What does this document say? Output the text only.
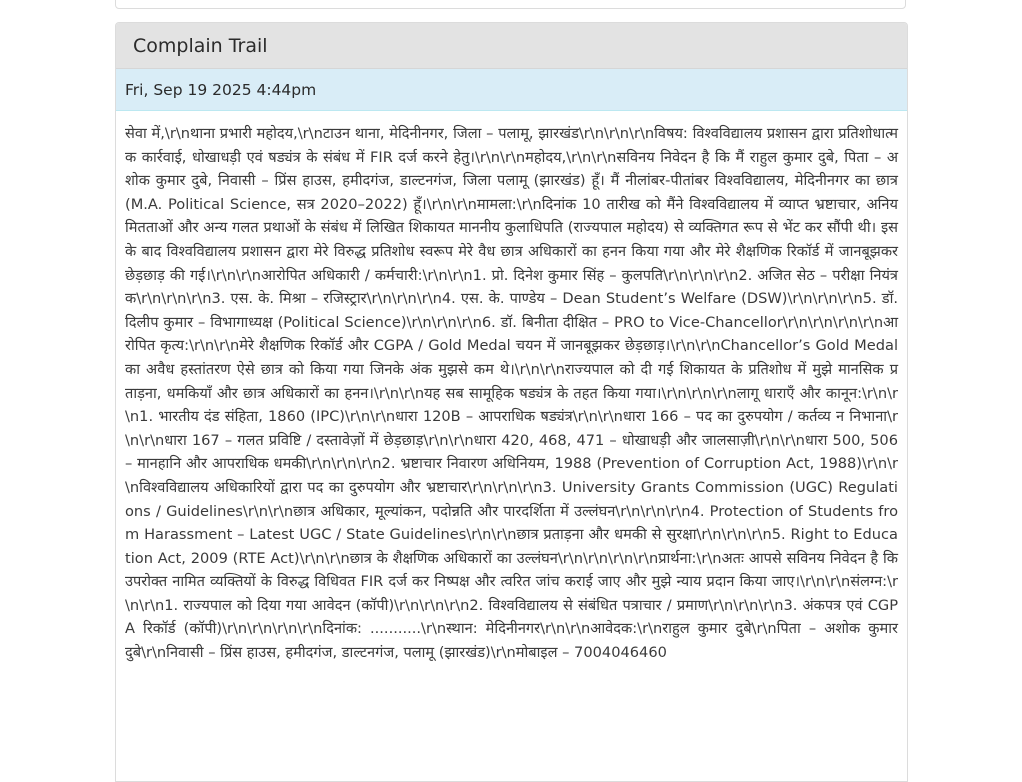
Complain Trail
Fri, Sep 19 2025 4:44pm
सेवा में,\r\nथाना प्रभारी महोदय,\r\nटाउन थाना, मेदिनीनगर, जिला – पलामू, झारखंड\r\n\r\n\r\nविषय: विश्वविद्यालय प्रशासन द्वारा प्रतिशोधात्मक कार्रवाई, धोखाधड़ी एवं षड्यंत्र के संबंध में FIR दर्ज करने हेतु।\r\n\r\nमहोदय,\r\n\r\nसविनय निवेदन है कि मैं राहुल कुमार दुबे, पिता – अशोक कुमार दुबे, निवासी – प्रिंस हाउस, हमीदगंज, डाल्टनगंज, जिला पलामू (झारखंड) हूँ। मैं नीलांबर-पीतांबर विश्वविद्यालय, मेदिनीनगर का छात्र (M.A. Political Science, सत्र 2020–2022) हूँ।\r\n\r\nमामला:\r\nदिनांक 10 तारीख को मैंने विश्वविद्यालय में व्याप्त भ्रष्टाचार, अनियमितताओं और अन्य गलत प्रथाओं के संबंध में लिखित शिकायत माननीय कुलाधिपति (राज्यपाल महोदय) से व्यक्तिगत रूप से भेंट कर सौंपी थी। इसके बाद विश्वविद्यालय प्रशासन द्वारा मेरे विरुद्ध प्रतिशोध स्वरूप मेरे वैध छात्र अधिकारों का हनन किया गया और मेरे शैक्षणिक रिकॉर्ड में जानबूझकर छेड़छाड़ की गई।\r\n\r\nआरोपित अधिकारी / कर्मचारी:\r\n\r\n1. प्रो. दिनेश कुमार सिंह – कुलपति\r\n\r\n\r\n2. अजित सेठ – परीक्षा नियंत्रक\r\n\r\n\r\n3. एस. के. मिश्रा – रजिस्ट्रार\r\n\r\n\r\n4. एस. के. पाण्डेय – Dean Student’s Welfare (DSW)\r\n\r\n\r\n5. डॉ. दिलीप कुमार – विभागाध्यक्ष (Political Science)\r\n\r\n\r\n6. डॉ. बिनीता दीक्षित – PRO to Vice-Chancellor\r\n\r\n\r\n\r\nआरोपित कृत्य:\r\n\r\nमेरे शैक्षणिक रिकॉर्ड और CGPA / Gold Medal चयन में जानबूझकर छेड़छाड़।\r\n\r\nChancellor’s Gold Medal का अवैध हस्तांतरण ऐसे छात्र को किया गया जिनके अंक मुझसे कम थे।\r\n\r\nराज्यपाल को दी गई शिकायत के प्रतिशोध में मुझे मानसिक प्रताड़ना, धमकियाँ और छात्र अधिकारों का हनन।\r\n\r\nयह सब सामूहिक षड्यंत्र के तहत किया गया।\r\n\r\n\r\nलागू धाराएँ और कानून:\r\n\r\n1. भारतीय दंड संहिता, 1860 (IPC)\r\n\r\nधारा 120B – आपराधिक षड्यंत्र\r\n\r\nधारा 166 – पद का दुरुपयोग / कर्तव्य न निभाना\r\n\r\nधारा 167 – गलत प्रविष्टि / दस्तावेज़ों में छेड़छाड़\r\n\r\nधारा 420, 468, 471 – धोखाधड़ी और जालसाज़ी\r\n\r\nधारा 500, 506 – मानहानि और आपराधिक धमकी\r\n\r\n\r\n2. भ्रष्टाचार निवारण अधिनियम, 1988 (Prevention of Corruption Act, 1988)\r\n\r\nविश्वविद्यालय अधिकारियों द्वारा पद का दुरुपयोग और भ्रष्टाचार\r\n\r\n\r\n3. University Grants Commission (UGC) Regulations / Guidelines\r\n\r\nछात्र अधिकार, मूल्यांकन, पदोन्नति और पारदर्शिता में उल्लंघन\r\n\r\n\r\n4. Protection of Students from Harassment – Latest UGC / State Guidelines\r\n\r\nछात्र प्रताड़ना और धमकी से सुरक्षा\r\n\r\n\r\n5. Right to Education Act, 2009 (RTE Act)\r\n\r\nछात्र के शैक्षणिक अधिकारों का उल्लंघन\r\n\r\n\r\n\r\nप्रार्थना:\r\nअतः आपसे सविनय निवेदन है कि उपरोक्त नामित व्यक्तियों के विरुद्ध विधिवत FIR दर्ज कर निष्पक्ष और त्वरित जांच कराई जाए और मुझे न्याय प्रदान किया जाए।\r\n\r\nसंलग्न:\r\n\r\n1. राज्यपाल को दिया गया आवेदन (कॉपी)\r\n\r\n\r\n2. विश्वविद्यालय से संबंधित पत्राचार / प्रमाण\r\n\r\n\r\n3. अंकपत्र एवं CGPA रिकॉर्ड (कॉपी)\r\n\r\n\r\n\r\nदिनांक: ...........\r\nस्थान: मेदिनीनगर\r\n\r\nआवेदक:\r\nराहुल कुमार दुबे\r\nपिता – अशोक कुमार दुबे\r\nनिवासी – प्रिंस हाउस, हमीदगंज, डाल्टनगंज, पलामू (झारखंड)\r\nमोबाइल – 7004046460
